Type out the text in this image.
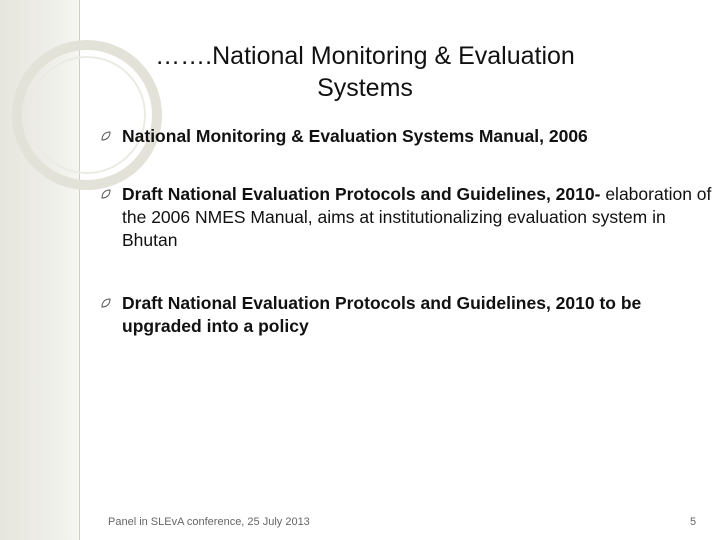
…….National Monitoring & Evaluation
Systems
National Monitoring & Evaluation Systems Manual, 2006
Draft National Evaluation Protocols and Guidelines, 2010- elaboration of the 2006 NMES Manual, aims at institutionalizing evaluation system in Bhutan
Draft National Evaluation Protocols and Guidelines, 2010 to be upgraded into a policy
Panel in SLEvA conference, 25 July 2013	5
